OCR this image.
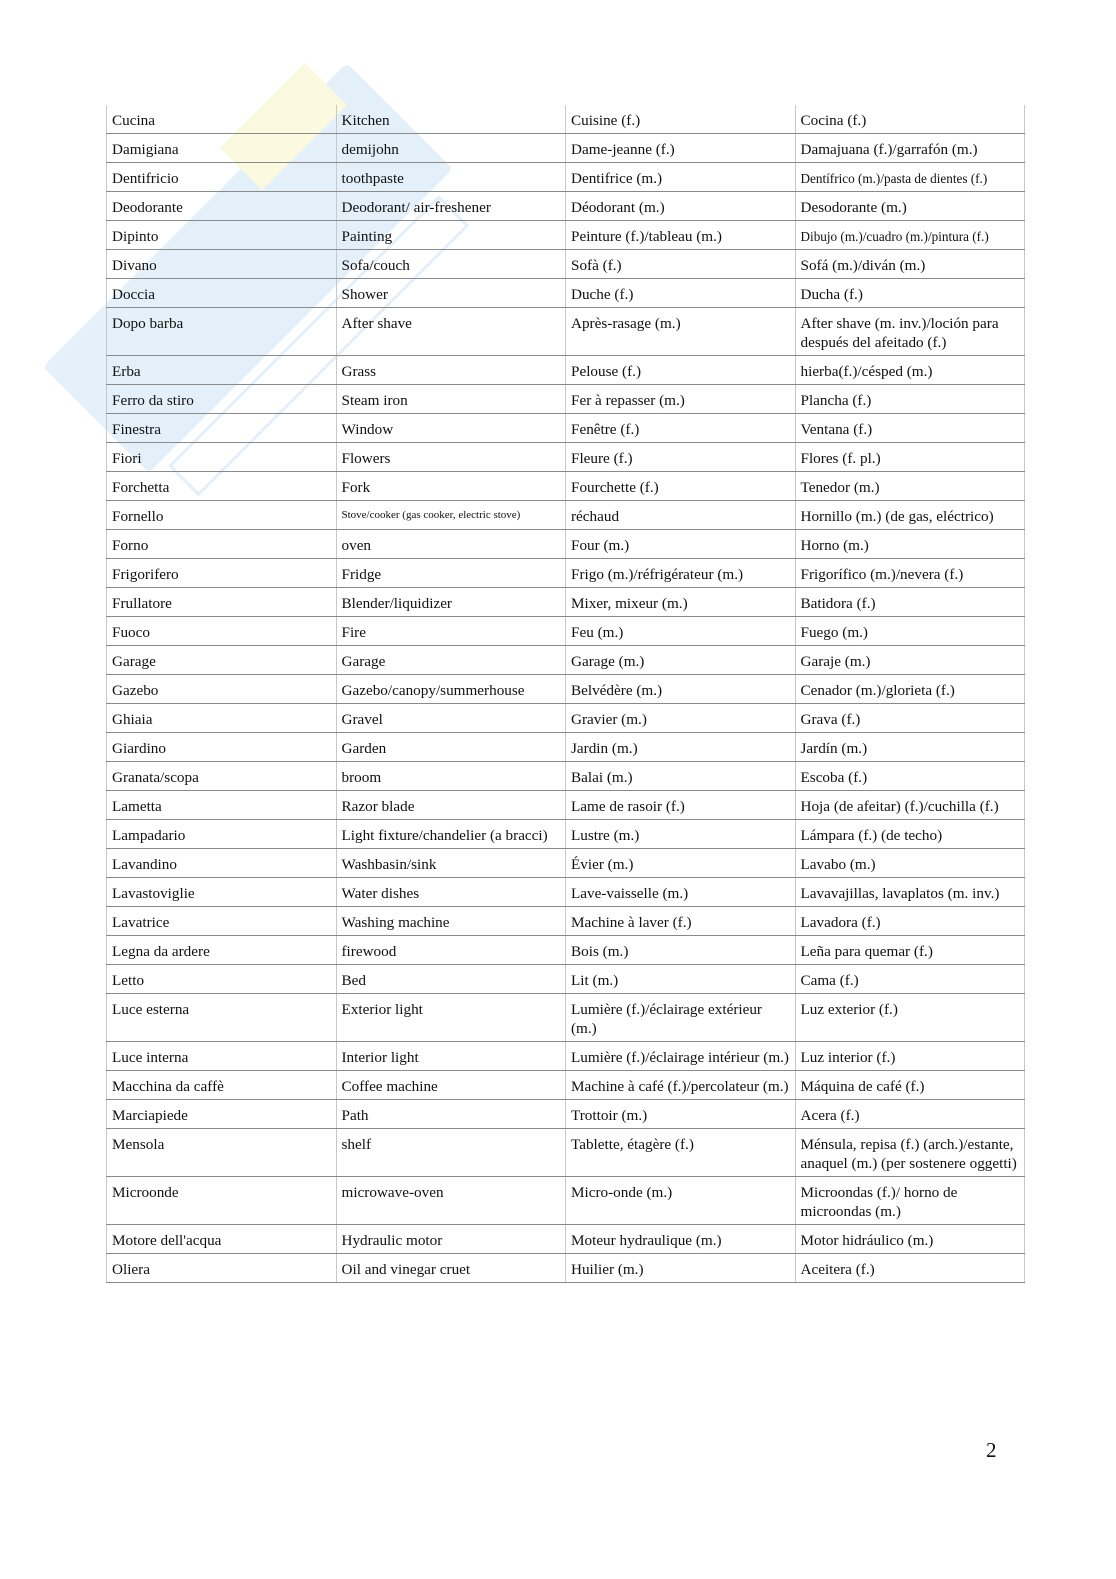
Cucina	Kitchen	Cuisine (f.)	Cocina (f.)
Damigiana	demijohn	Dame-jeanne (f.)	Damajuana (f.)/garrafón (m.)
Dentifricio	toothpaste	Dentifrice (m.)	Dentífrico (m.)/pasta de dientes (f.)
Deodorante	Deodorant/ air-freshener	Déodorant (m.)	Desodorante (m.)
Dipinto	Painting	Peinture (f.)/tableau (m.)	Dibujo (m.)/cuadro (m.)/pintura (f.)
Divano	Sofa/couch	Sofà (f.)	Sofá (m.)/diván (m.)
Doccia	Shower	Duche (f.)	Ducha (f.)
Dopo barba	After shave	Après-rasage (m.)	After shave (m. inv.)/loción para después del afeitado (f.)
Erba	Grass	Pelouse (f.)	hierba(f.)/césped (m.)
Ferro da stiro	Steam iron	Fer à repasser (m.)	Plancha (f.)
Finestra	Window	Fenêtre (f.)	Ventana (f.)
Fiori	Flowers	Fleure (f.)	Flores (f. pl.)
Forchetta	Fork	Fourchette (f.)	Tenedor (m.)
Fornello	Stove/cooker (gas cooker, electric stove)	réchaud	Hornillo (m.) (de gas, eléctrico)
Forno	oven	Four (m.)	Horno (m.)
Frigorifero	Fridge	Frigo (m.)/réfrigérateur (m.)	Frigorífico (m.)/nevera (f.)
Frullatore	Blender/liquidizer	Mixer, mixeur (m.)	Batidora (f.)
Fuoco	Fire	Feu (m.)	Fuego (m.)
Garage	Garage	Garage (m.)	Garaje (m.)
Gazebo	Gazebo/canopy/summerhouse	Belvédère (m.)	Cenador (m.)/glorieta (f.)
Ghiaia	Gravel	Gravier (m.)	Grava (f.)
Giardino	Garden	Jardin (m.)	Jardín (m.)
Granata/scopa	broom	Balai (m.)	Escoba (f.)
Lametta	Razor blade	Lame de rasoir (f.)	Hoja (de afeitar) (f.)/cuchilla (f.)
Lampadario	Light fixture/chandelier (a bracci)	Lustre (m.)	Lámpara (f.) (de techo)
Lavandino	Washbasin/sink	Évier (m.)	Lavabo (m.)
Lavastoviglie	Water dishes	Lave-vaisselle (m.)	Lavavajillas, lavaplatos (m. inv.)
Lavatrice	Washing machine	Machine à laver (f.)	Lavadora (f.)
Legna da ardere	firewood	Bois (m.)	Leña para quemar (f.)
Letto	Bed	Lit (m.)	Cama (f.)
Luce esterna	Exterior light	Lumière (f.)/éclairage extérieur (m.)	Luz exterior (f.)
Luce interna	Interior light	Lumière (f.)/éclairage intérieur (m.)	Luz interior (f.)
Macchina da caffè	Coffee machine	Machine à café (f.)/percolateur (m.)	Máquina de café (f.)
Marciapiede	Path	Trottoir (m.)	Acera (f.)
Mensola	shelf	Tablette, étagère (f.)	Ménsula, repisa (f.) (arch.)/estante, anaquel (m.) (per sostenere oggetti)
Microonde	microwave-oven	Micro-onde (m.)	Microondas (f.)/ horno de microondas (m.)
Motore dell'acqua	Hydraulic motor	Moteur hydraulique (m.)	Motor hidráulico (m.)
Oliera	Oil and vinegar cruet	Huilier (m.)	Aceitera (f.)
2
